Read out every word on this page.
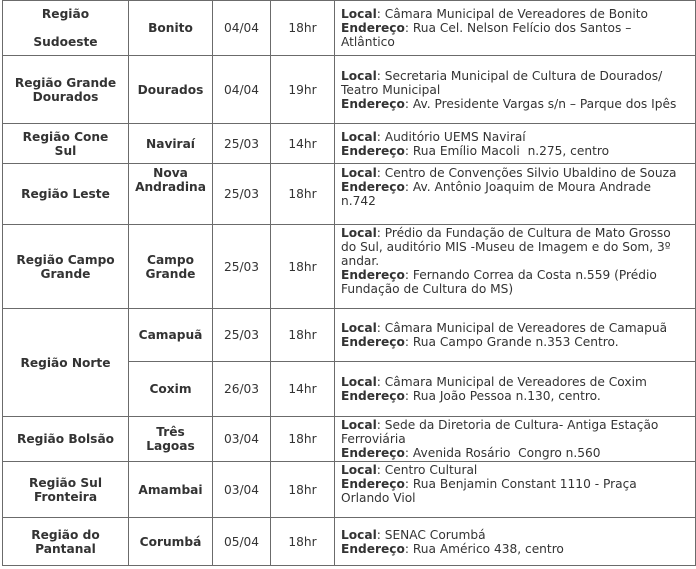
Região

Sudoeste	Bonito	04/04	18hr	Local: Câmara Municipal de Vereadores de Bonito
Endereço: Rua Cel. Nelson Felício dos Santos –
Atlântico
Região Grande
Dourados	Dourados	04/04	19hr	Local: Secretaria Municipal de Cultura de Dourados/
Teatro Municipal
Endereço: Av. Presidente Vargas s/n – Parque dos Ipês
Região Cone
Sul	Naviraí	25/03	14hr	Local: Auditório UEMS Naviraí
Endereço: Rua Emílio Macoli  n.275, centro
Região Leste	Nova
Andradina	25/03	18hr	Local: Centro de Convenções Silvio Ubaldino de Souza
Endereço: Av. Antônio Joaquim de Moura Andrade
n.742
Região Campo
Grande	Campo
Grande	25/03	18hr	Local: Prédio da Fundação de Cultura de Mato Grosso
do Sul, auditório MIS -Museu de Imagem e do Som, 3º
andar.
Endereço: Fernando Correa da Costa n.559 (Prédio
Fundação de Cultura do MS)
Região Norte	Camapuã	25/03	18hr	Local: Câmara Municipal de Vereadores de Camapuã
Endereço: Rua Campo Grande n.353 Centro.
	Coxim	26/03	14hr	Local: Câmara Municipal de Vereadores de Coxim
Endereço: Rua João Pessoa n.130, centro.
Região Bolsão	Três
Lagoas	03/04	18hr	Local: Sede da Diretoria de Cultura- Antiga Estação
Ferroviária
Endereço: Avenida Rosário  Congro n.560
Região Sul
Fronteira	Amambai	03/04	18hr	Local: Centro Cultural
Endereço: Rua Benjamin Constant 1110 - Praça
Orlando Viol
Região do
Pantanal	Corumbá	05/04	18hr	Local: SENAC Corumbá
Endereço: Rua Américo 438, centro
